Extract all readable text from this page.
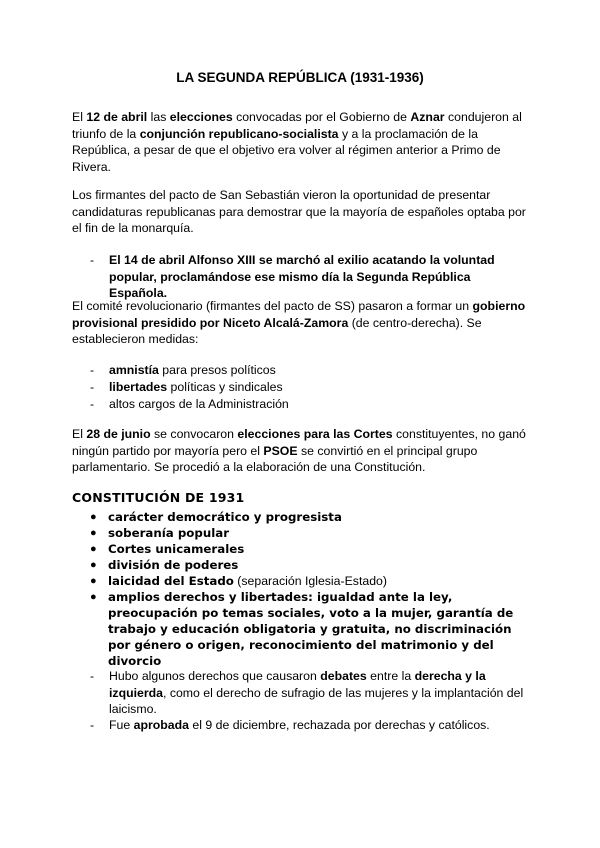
LA SEGUNDA REPÚBLICA (1931-1936)

El 12 de abril las elecciones convocadas por el Gobierno de Aznar condujeron al triunfo de la conjunción republicano-socialista y a la proclamación de la República, a pesar de que el objetivo era volver al régimen anterior a Primo de Rivera.

Los firmantes del pacto de San Sebastián vieron la oportunidad de presentar candidaturas republicanas para demostrar que la mayoría de españoles optaba por el fin de la monarquía.

- El 14 de abril Alfonso XIII se marchó al exilio acatando la voluntad popular, proclamándose ese mismo día la Segunda República Española.

El comité revolucionario (firmantes del pacto de SS) pasaron a formar un gobierno provisional presidido por Niceto Alcalá-Zamora (de centro-derecha). Se establecieron medidas:

- amnistía para presos políticos
- libertades políticas y sindicales
- altos cargos de la Administración

El 28 de junio se convocaron elecciones para las Cortes constituyentes, no ganó ningún partido por mayoría pero el PSOE se convirtió en el principal grupo parlamentario. Se procedió a la elaboración de una Constitución.

CONSTITUCIÓN DE 1931
● carácter democrático y progresista
● soberanía popular
● Cortes unicamerales
● división de poderes
● laicidad del Estado (separación Iglesia-Estado)
● amplios derechos y libertades: igualdad ante la ley, preocupación po temas sociales, voto a la mujer, garantía de trabajo y educación obligatoria y gratuita, no discriminación por género o origen, reconocimiento del matrimonio y del divorcio
- Hubo algunos derechos que causaron debates entre la derecha y la izquierda, como el derecho de sufragio de las mujeres y la implantación del laicismo.
- Fue aprobada el 9 de diciembre, rechazada por derechas y católicos.
